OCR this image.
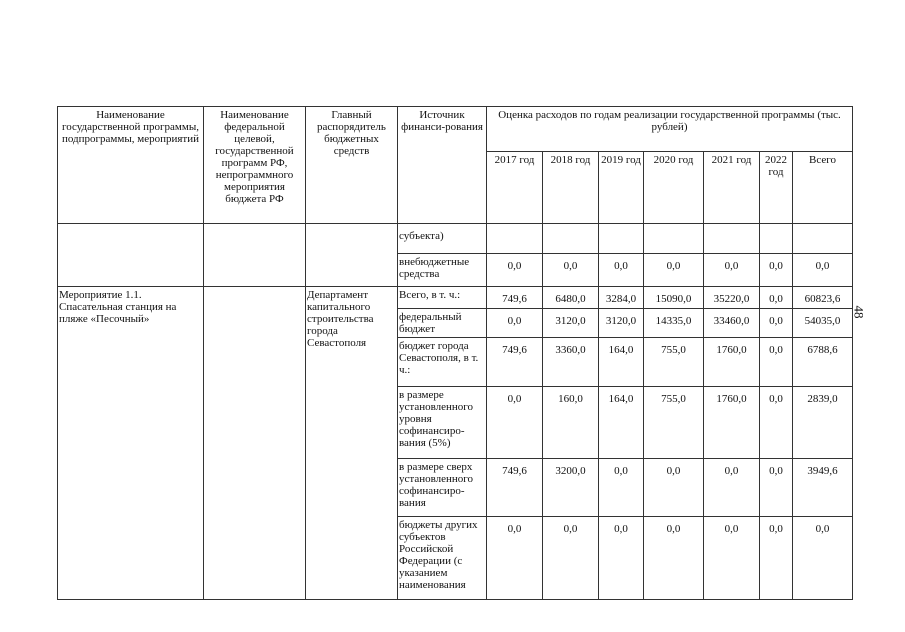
Наименование государственной программы, подпрограммы, мероприятий	Наименование федеральной целевой, государственной программ РФ, непрограммного мероприятия бюджета РФ	Главный распорядитель бюджетных средств	Источник финанси-рования	Оценка расходов по годам реализации государственной программы (тыс. рублей)						
				2017 год	2018 год	2019 год	2020 год	2021 год	2022 год	Всего
			субъекта)							
			внебюджетные средства	0,0	0,0	0,0	0,0	0,0	0,0	0,0
Мероприятие 1.1. Спасательная станция на пляже «Песочный»		Департамент капитального строительства города Севастополя	Всего, в т. ч.:	749,6	6480,0	3284,0	15090,0	35220,0	0,0	60823,6
			федеральный бюджет	0,0	3120,0	3120,0	14335,0	33460,0	0,0	54035,0
			бюджет города Севастополя, в т. ч.:	749,6	3360,0	164,0	755,0	1760,0	0,0	6788,6
			в размере установленного уровня софинансиро-вания (5%)	0,0	160,0	164,0	755,0	1760,0	0,0	2839,0
			в размере сверх установленного софинансиро-вания	749,6	3200,0	0,0	0,0	0,0	0,0	3949,6
			бюджеты других субъектов Российской Федерации (с указанием наименования	0,0	0,0	0,0	0,0	0,0	0,0	0,0
48
